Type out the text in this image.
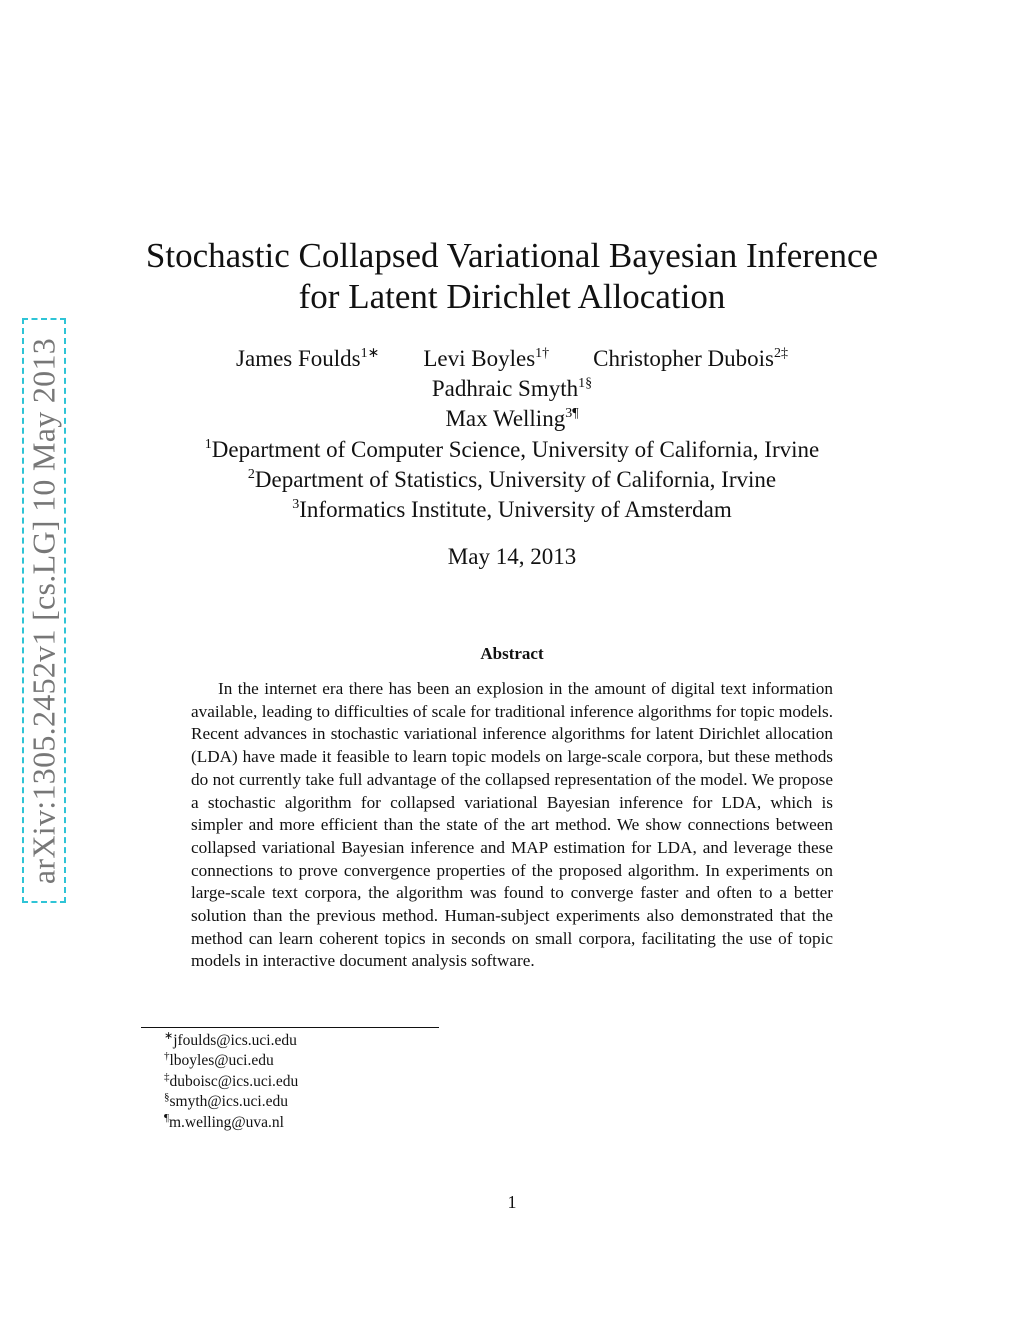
arXiv:1305.2452v1 [cs.LG] 10 May 2013
Stochastic Collapsed Variational Bayesian Inference
for Latent Dirichlet Allocation
James Foulds$^{1∗}$ Levi Boyles$^{1\dagger}$ Christopher Dubois$^{2\ddagger}$
Padhraic Smyth$^{1\S}$
Max Welling$^{3\P}$
$^1$Department of Computer Science, University of California, Irvine
$^2$Department of Statistics, University of California, Irvine
$^3$Informatics Institute, University of Amsterdam
May 14, 2013
Abstract

In the internet era there has been an explosion in the amount of digital text information available, leading to difficulties of scale for traditional inference algorithms for topic models. Recent advances in stochastic variational inference algorithms for latent Dirichlet allocation (LDA) have made it feasible to learn topic models on large-scale corpora, but these methods do not currently take full advantage of the collapsed representation of the model. We propose a stochastic algorithm for collapsed variational Bayesian inference for LDA, which is simpler and more efficient than the state of the art method. We show connections between collapsed variational Bayesian inference and MAP estimation for LDA, and leverage these connections to prove convergence properties of the proposed algorithm. In experiments on large-scale text corpora, the algorithm was found to converge faster and often to a better solution than the previous method. Human-subject experiments also demonstrated that the method can learn coherent topics in seconds on small corpora, facilitating the use of topic models in interactive document analysis software.

∗jfoulds@ics.uci.edu
†lboyles@uci.edu
‡duboisc@ics.uci.edu
§smyth@ics.uci.edu
¶m.welling@uva.nl
1
